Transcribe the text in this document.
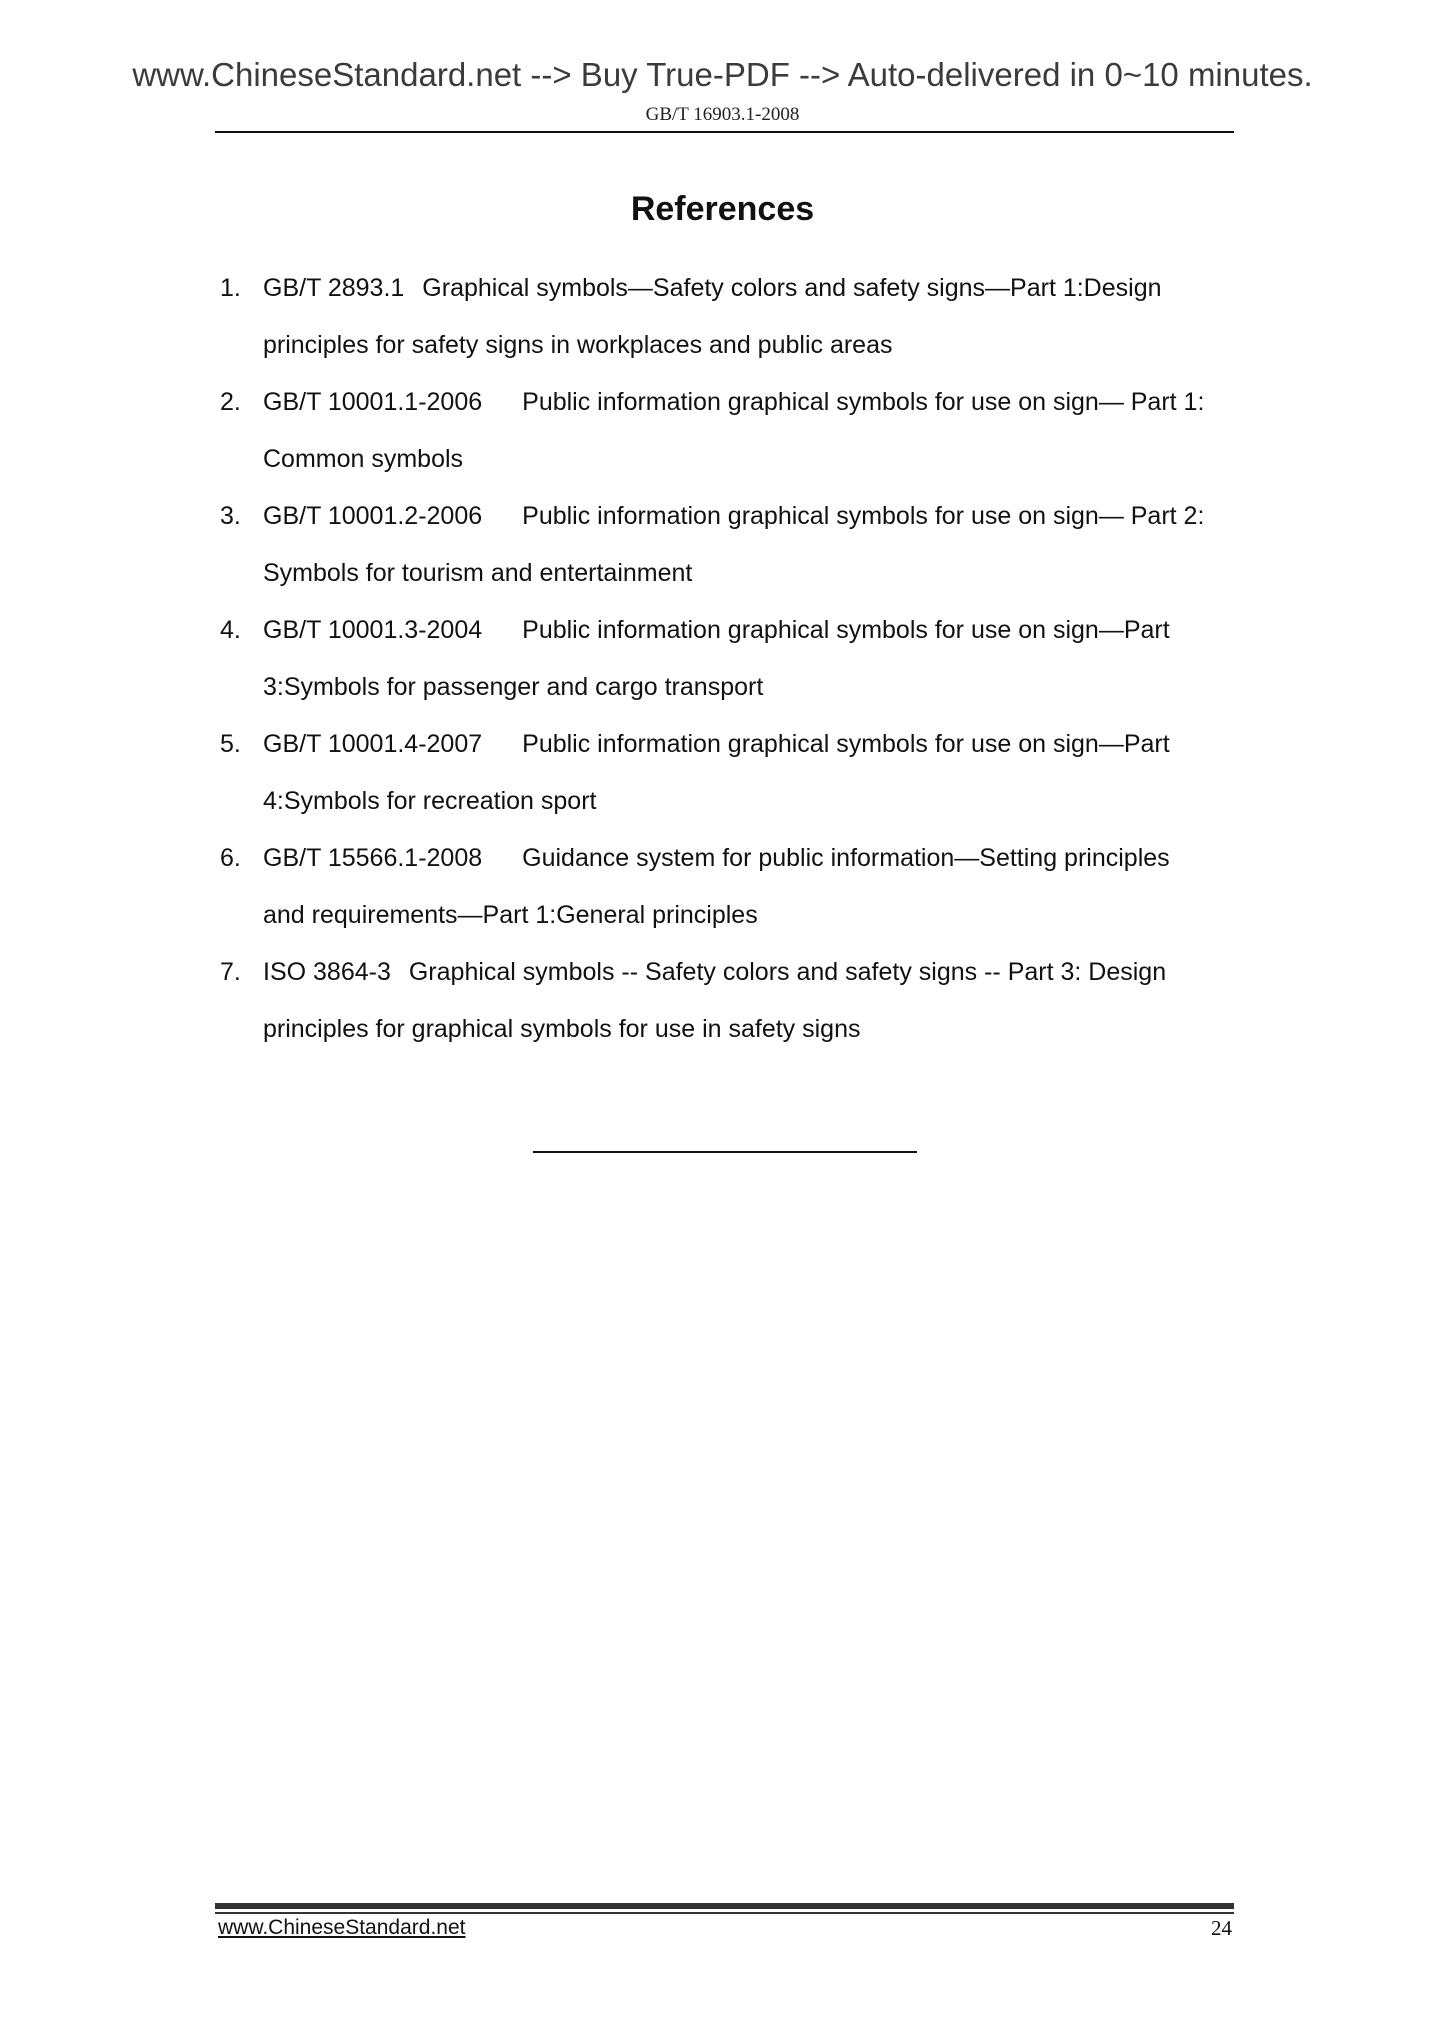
www.ChineseStandard.net --> Buy True-PDF --> Auto-delivered in 0~10 minutes.
GB/T 16903.1-2008
References
1. GB/T 2893.1 Graphical symbols—Safety colors and safety signs—Part 1:Design
principles for safety signs in workplaces and public areas
2. GB/T 10001.1-2006 Public information graphical symbols for use on sign— Part 1:
Common symbols
3. GB/T 10001.2-2006 Public information graphical symbols for use on sign— Part 2:
Symbols for tourism and entertainment
4. GB/T 10001.3-2004 Public information graphical symbols for use on sign—Part
3:Symbols for passenger and cargo transport
5. GB/T 10001.4-2007 Public information graphical symbols for use on sign—Part
4:Symbols for recreation sport
6. GB/T 15566.1-2008 Guidance system for public information—Setting principles
and requirements—Part 1:General principles
7. ISO 3864-3 Graphical symbols -- Safety colors and safety signs -- Part 3: Design
principles for graphical symbols for use in safety signs
www.ChineseStandard.net	24
